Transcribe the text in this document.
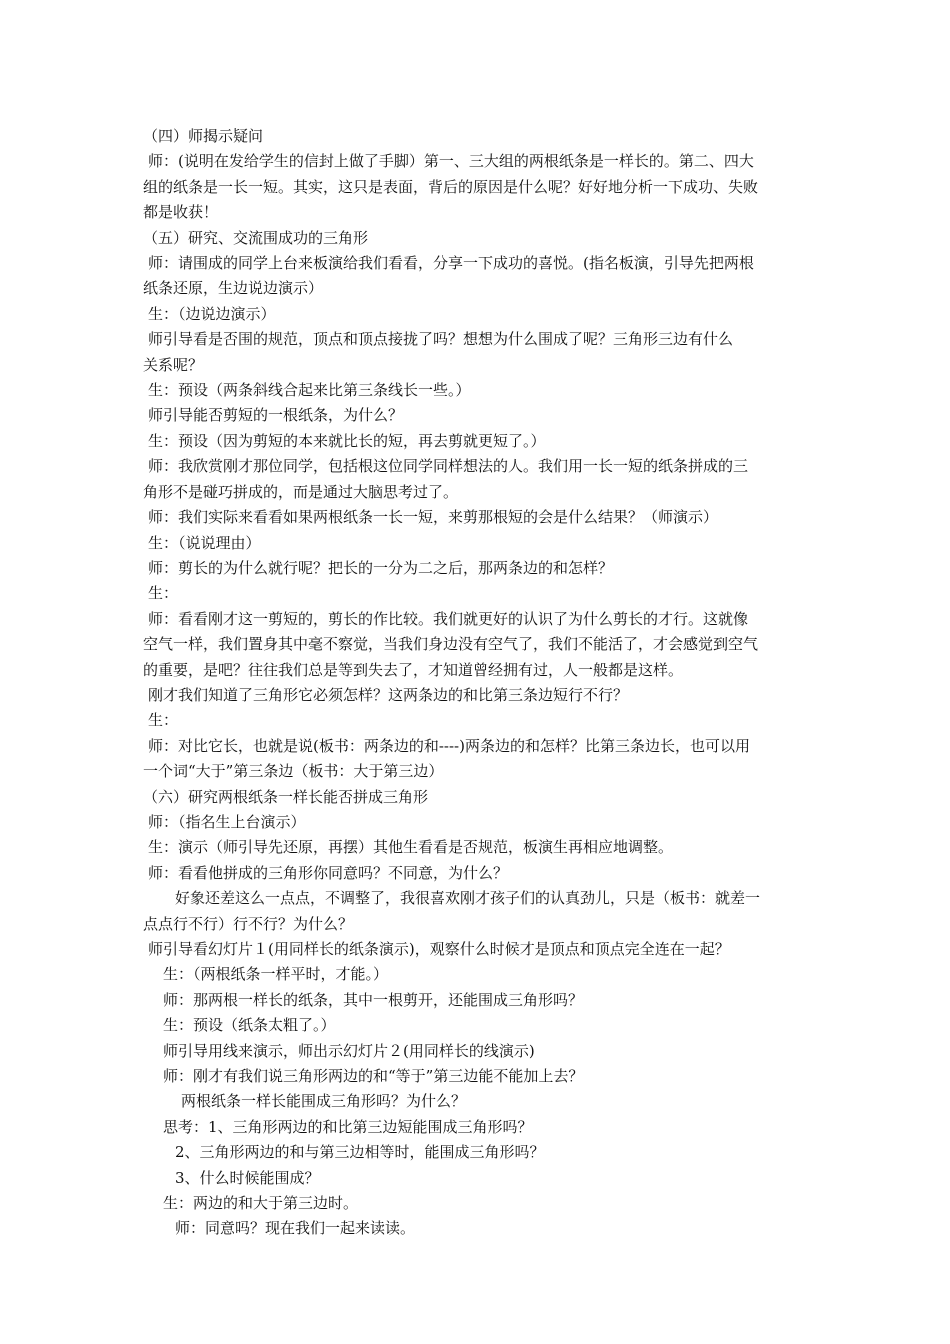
（四）师揭示疑问
师：(说明在发给学生的信封上做了手脚）第一、三大组的两根纸条是一样长的。第二、四大
组的纸条是一长一短。其实，这只是表面，背后的原因是什么呢？好好地分析一下成功、失败
都是收获！
（五）研究、交流围成功的三角形
师：请围成的同学上台来板演给我们看看，分享一下成功的喜悦。(指名板演，引导先把两根
纸条还原，生边说边演示）
生：（边说边演示）
师引导看是否围的规范，顶点和顶点接拢了吗？想想为什么围成了呢？三角形三边有什么
关系呢？
生：预设（两条斜线合起来比第三条线长一些。）
师引导能否剪短的一根纸条，为什么？
生：预设（因为剪短的本来就比长的短，再去剪就更短了。）
师：我欣赏刚才那位同学，包括根这位同学同样想法的人。我们用一长一短的纸条拼成的三
角形不是碰巧拼成的，而是通过大脑思考过了。
师：我们实际来看看如果两根纸条一长一短，来剪那根短的会是什么结果？（师演示）
生：（说说理由）
师：剪长的为什么就行呢？把长的一分为二之后，那两条边的和怎样？
生：
师：看看刚才这一剪短的，剪长的作比较。我们就更好的认识了为什么剪长的才行。这就像
空气一样，我们置身其中毫不察觉，当我们身边没有空气了，我们不能活了，才会感觉到空气
的重要，是吧？往往我们总是等到失去了，才知道曾经拥有过，人一般都是这样。
刚才我们知道了三角形它必须怎样？这两条边的和比第三条边短行不行？
生：
师：对比它长，也就是说(板书：两条边的和----)两条边的和怎样？比第三条边长，也可以用
一个词“大于”第三条边（板书：大于第三边）
（六）研究两根纸条一样长能否拼成三角形
师：（指名生上台演示）
生：演示（师引导先还原，再摆）其他生看看是否规范，板演生再相应地调整。
师：看看他拼成的三角形你同意吗？不同意，为什么？
好象还差这么一点点，不调整了，我很喜欢刚才孩子们的认真劲儿，只是（板书：就差一
点点行不行）行不行？为什么？
师引导看幻灯片１(用同样长的纸条演示)，观察什么时候才是顶点和顶点完全连在一起？
生：（两根纸条一样平时，才能。）
师：那两根一样长的纸条，其中一根剪开，还能围成三角形吗？
生：预设（纸条太粗了。）
师引导用线来演示，师出示幻灯片２(用同样长的线演示)
师：刚才有我们说三角形两边的和“等于”第三边能不能加上去？
两根纸条一样长能围成三角形吗？为什么？
思考：1、三角形两边的和比第三边短能围成三角形吗？
2、三角形两边的和与第三边相等时，能围成三角形吗？
3、什么时候能围成？
生：两边的和大于第三边时。
师：同意吗？现在我们一起来读读。
